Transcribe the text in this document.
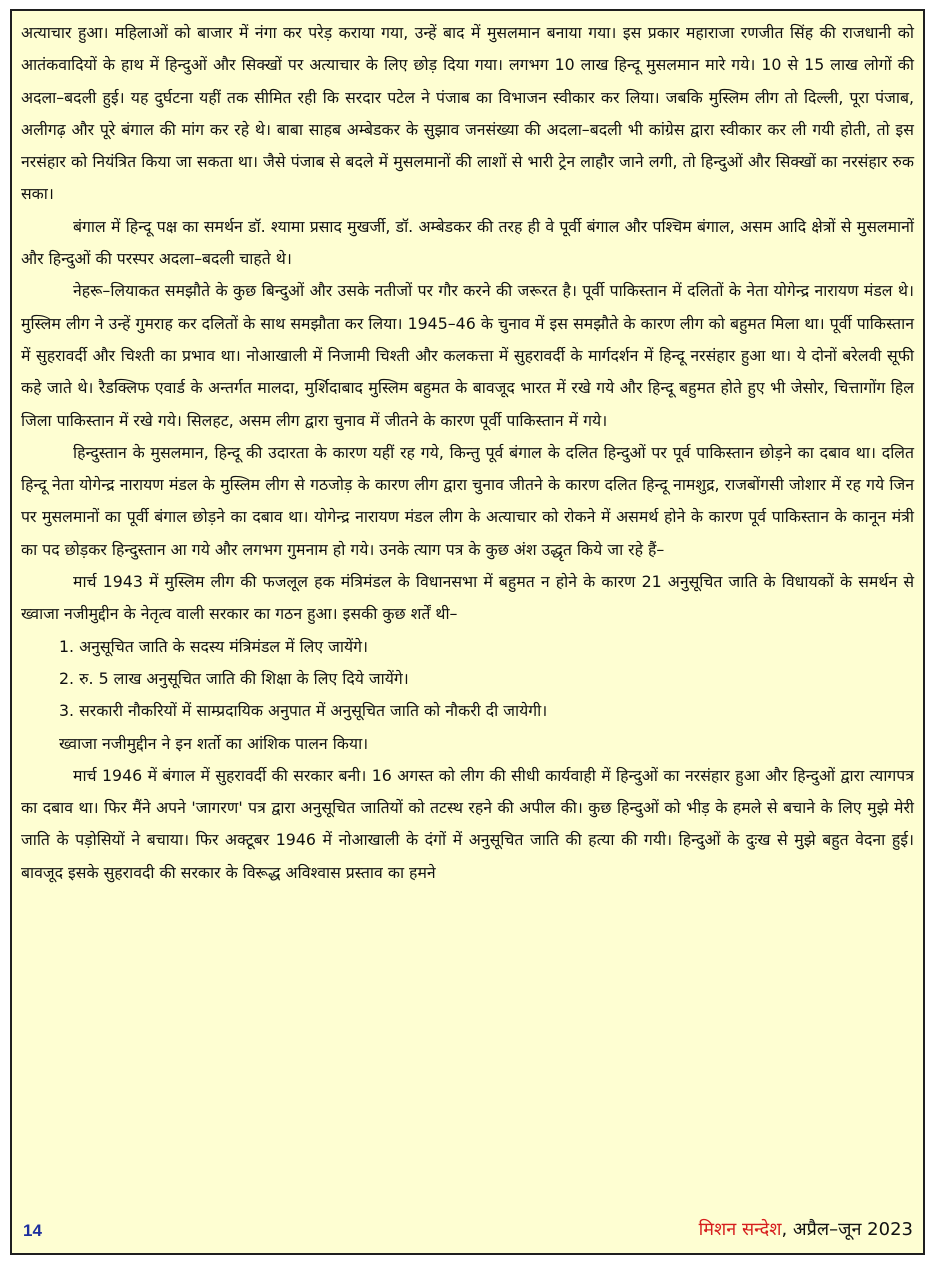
अत्याचार हुआ। महिलाओं को बाजार में नंगा कर परेड़ कराया गया, उन्हें बाद में मुसलमान बनाया गया। इस प्रकार महाराजा रणजीत सिंह की राजधानी को आतंकवादियों के हाथ में हिन्दुओं और सिक्खों पर अत्याचार के लिए छोड़ दिया गया। लगभग 10 लाख हिन्दू मुसलमान मारे गये। 10 से 15 लाख लोगों की अदला–बदली हुई। यह दुर्घटना यहीं तक सीमित रही कि सरदार पटेल ने पंजाब का विभाजन स्वीकार कर लिया। जबकि मुस्लिम लीग तो दिल्ली, पूरा पंजाब, अलीगढ़ और पूरे बंगाल की मांग कर रहे थे। बाबा साहब अम्बेडकर के सुझाव जनसंख्या की अदला–बदली भी कांग्रेस द्वारा स्वीकार कर ली गयी होती, तो इस नरसंहार को नियंत्रित किया जा सकता था। जैसे पंजाब से बदले में मुसलमानों की लाशों से भारी ट्रेन लाहौर जाने लगी, तो हिन्दुओं और सिक्खों का नरसंहार रुक सका।

बंगाल में हिन्दू पक्ष का समर्थन डॉ. श्यामा प्रसाद मुखर्जी, डॉ. अम्बेडकर की तरह ही वे पूर्वी बंगाल और पश्चिम बंगाल, असम आदि क्षेत्रों से मुसलमानों और हिन्दुओं की परस्पर अदला–बदली चाहते थे।

नेहरू–लियाकत समझौते के कुछ बिन्दुओं और उसके नतीजों पर गौर करने की जरूरत है। पूर्वी पाकिस्तान में दलितों के नेता योगेन्द्र नारायण मंडल थे। मुस्लिम लीग ने उन्हें गुमराह कर दलितों के साथ समझौता कर लिया। 1945–46 के चुनाव में इस समझौते के कारण लीग को बहुमत मिला था। पूर्वी पाकिस्तान में सुहरावर्दी और चिश्ती का प्रभाव था। नोआखाली में निजामी चिश्ती और कलकत्ता में सुहरावर्दी के मार्गदर्शन में हिन्दू नरसंहार हुआ था। ये दोनों बरेलवी सूफी कहे जाते थे। रैडक्लिफ एवार्ड के अन्तर्गत मालदा, मुर्शिदाबाद मुस्लिम बहुमत के बावजूद भारत में रखे गये और हिन्दू बहुमत होते हुए भी जेसोर, चित्तागोंग हिल जिला पाकिस्तान में रखे गये। सिलहट, असम लीग द्वारा चुनाव में जीतने के कारण पूर्वी पाकिस्तान में गये।

हिन्दुस्तान के मुसलमान, हिन्दू की उदारता के कारण यहीं रह गये, किन्तु पूर्व बंगाल के दलित हिन्दुओं पर पूर्व पाकिस्तान छोड़ने का दबाव था। दलित हिन्दू नेता योगेन्द्र नारायण मंडल के मुस्लिम लीग से गठजोड़ के कारण लीग द्वारा चुनाव जीतने के कारण दलित हिन्दू नामशुद्र, राजबोंगसी जोशार में रह गये जिन पर मुसलमानों का पूर्वी बंगाल छोड़ने का दबाव था। योगेन्द्र नारायण मंडल लीग के अत्याचार को रोकने में असमर्थ होने के कारण पूर्व पाकिस्तान के कानून मंत्री का पद छोड़कर हिन्दुस्तान आ गये और लगभग गुमनाम हो गये। उनके त्याग पत्र के कुछ अंश उद्धृत किये जा रहे हैं–

मार्च 1943 में मुस्लिम लीग की फजलूल हक मंत्रिमंडल के विधानसभा में बहुमत न होने के कारण 21 अनुसूचित जाति के विधायकों के समर्थन से ख्वाजा नजीमुद्दीन के नेतृत्व वाली सरकार का गठन हुआ। इसकी कुछ शर्तें थी–

1. अनुसूचित जाति के सदस्य मंत्रिमंडल में लिए जायेंगे।

2. रु. 5 लाख अनुसूचित जाति की शिक्षा के लिए दिये जायेंगे।

3. सरकारी नौकरियों में साम्प्रदायिक अनुपात में अनुसूचित जाति को नौकरी दी जायेगी।

ख्वाजा नजीमुद्दीन ने इन शर्तो का आंशिक पालन किया।

मार्च 1946 में बंगाल में सुहरावर्दी की सरकार बनी। 16 अगस्त को लीग की सीधी कार्यवाही में हिन्दुओं का नरसंहार हुआ और हिन्दुओं द्वारा त्यागपत्र का दबाव था। फिर मैंने अपने 'जागरण' पत्र द्वारा अनुसूचित जातियों को तटस्थ रहने की अपील की। कुछ हिन्दुओं को भीड़ के हमले से बचाने के लिए मुझे मेरी जाति के पड़ोसियों ने बचाया। फिर अक्टूबर 1946 में नोआखाली के दंगों में अनुसूचित जाति की हत्या की गयी। हिन्दुओं के दुःख से मुझे बहुत वेदना हुई। बावजूद इसके सुहरावदी की सरकार के विरूद्ध अविश्वास प्रस्ताव का हमने

14	मिशन सन्देश, अप्रैल–जून 2023
